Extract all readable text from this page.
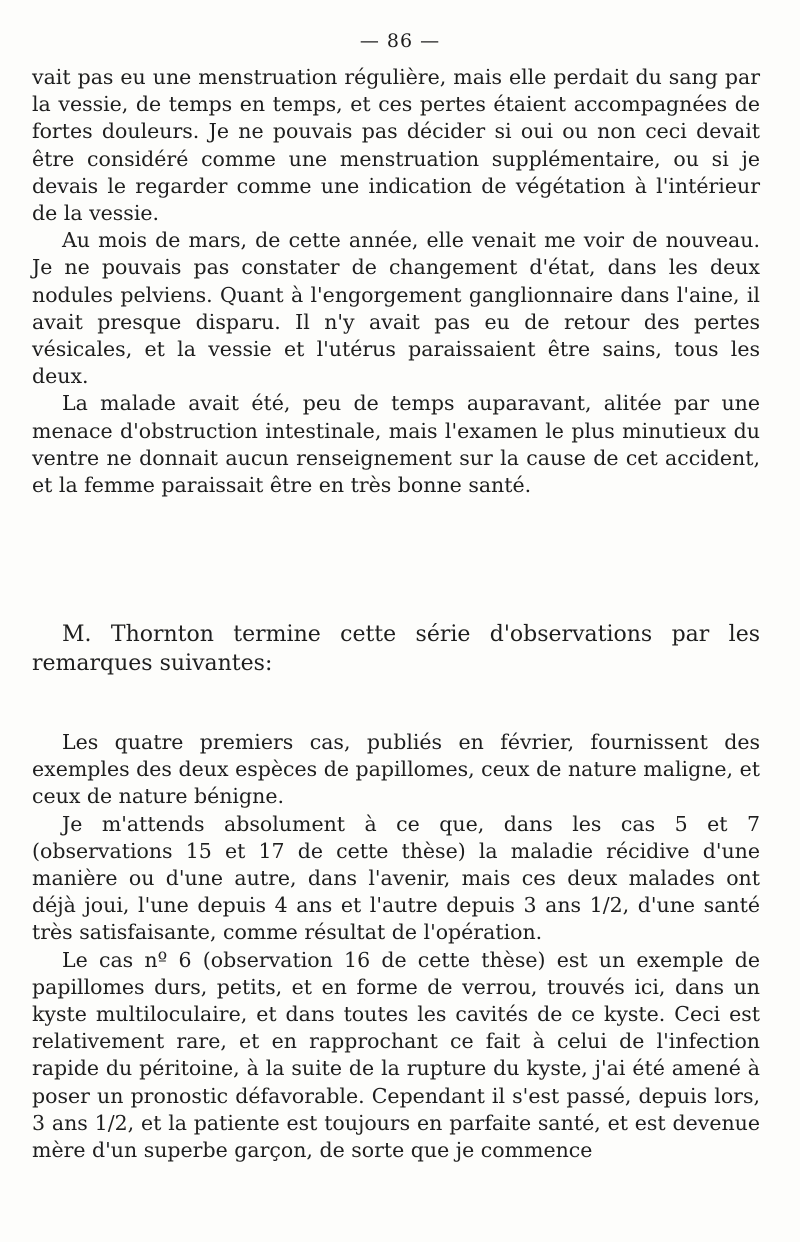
— 86 —

vait pas eu une menstruation régulière, mais elle perdait du sang par la vessie, de temps en temps, et ces pertes étaient accompagnées de fortes douleurs. Je ne pouvais pas décider si oui ou non ceci devait être considéré comme une menstruation supplémentaire, ou si je devais le regarder comme une indication de végétation à l'intérieur de la vessie.

Au mois de mars, de cette année, elle venait me voir de nouveau. Je ne pouvais pas constater de changement d'état, dans les deux nodules pelviens. Quant à l'engorgement ganglionnaire dans l'aine, il avait presque disparu. Il n'y avait pas eu de retour des pertes vésicales, et la vessie et l'utérus paraissaient être sains, tous les deux.

La malade avait été, peu de temps auparavant, alitée par une menace d'obstruction intestinale, mais l'examen le plus minutieux du ventre ne donnait aucun renseignement sur la cause de cet accident, et la femme paraissait être en très bonne santé.

M. Thornton termine cette série d'observations par les remarques suivantes:

Les quatre premiers cas, publiés en février, fournissent des exemples des deux espèces de papillomes, ceux de nature maligne, et ceux de nature bénigne.

Je m'attends absolument à ce que, dans les cas 5 et 7 (observations 15 et 17 de cette thèse) la maladie récidive d'une manière ou d'une autre, dans l'avenir, mais ces deux malades ont déjà joui, l'une depuis 4 ans et l'autre depuis 3 ans 1/2, d'une santé très satisfaisante, comme résultat de l'opération.

Le cas nº 6 (observation 16 de cette thèse) est un exemple de papillomes durs, petits, et en forme de verrou, trouvés ici, dans un kyste multiloculaire, et dans toutes les cavités de ce kyste. Ceci est relativement rare, et en rapprochant ce fait à celui de l'infection rapide du péritoine, à la suite de la rupture du kyste, j'ai été amené à poser un pronostic défavorable. Cependant il s'est passé, depuis lors, 3 ans 1/2, et la patiente est toujours en parfaite santé, et est devenue mère d'un superbe garçon, de sorte que je commence
